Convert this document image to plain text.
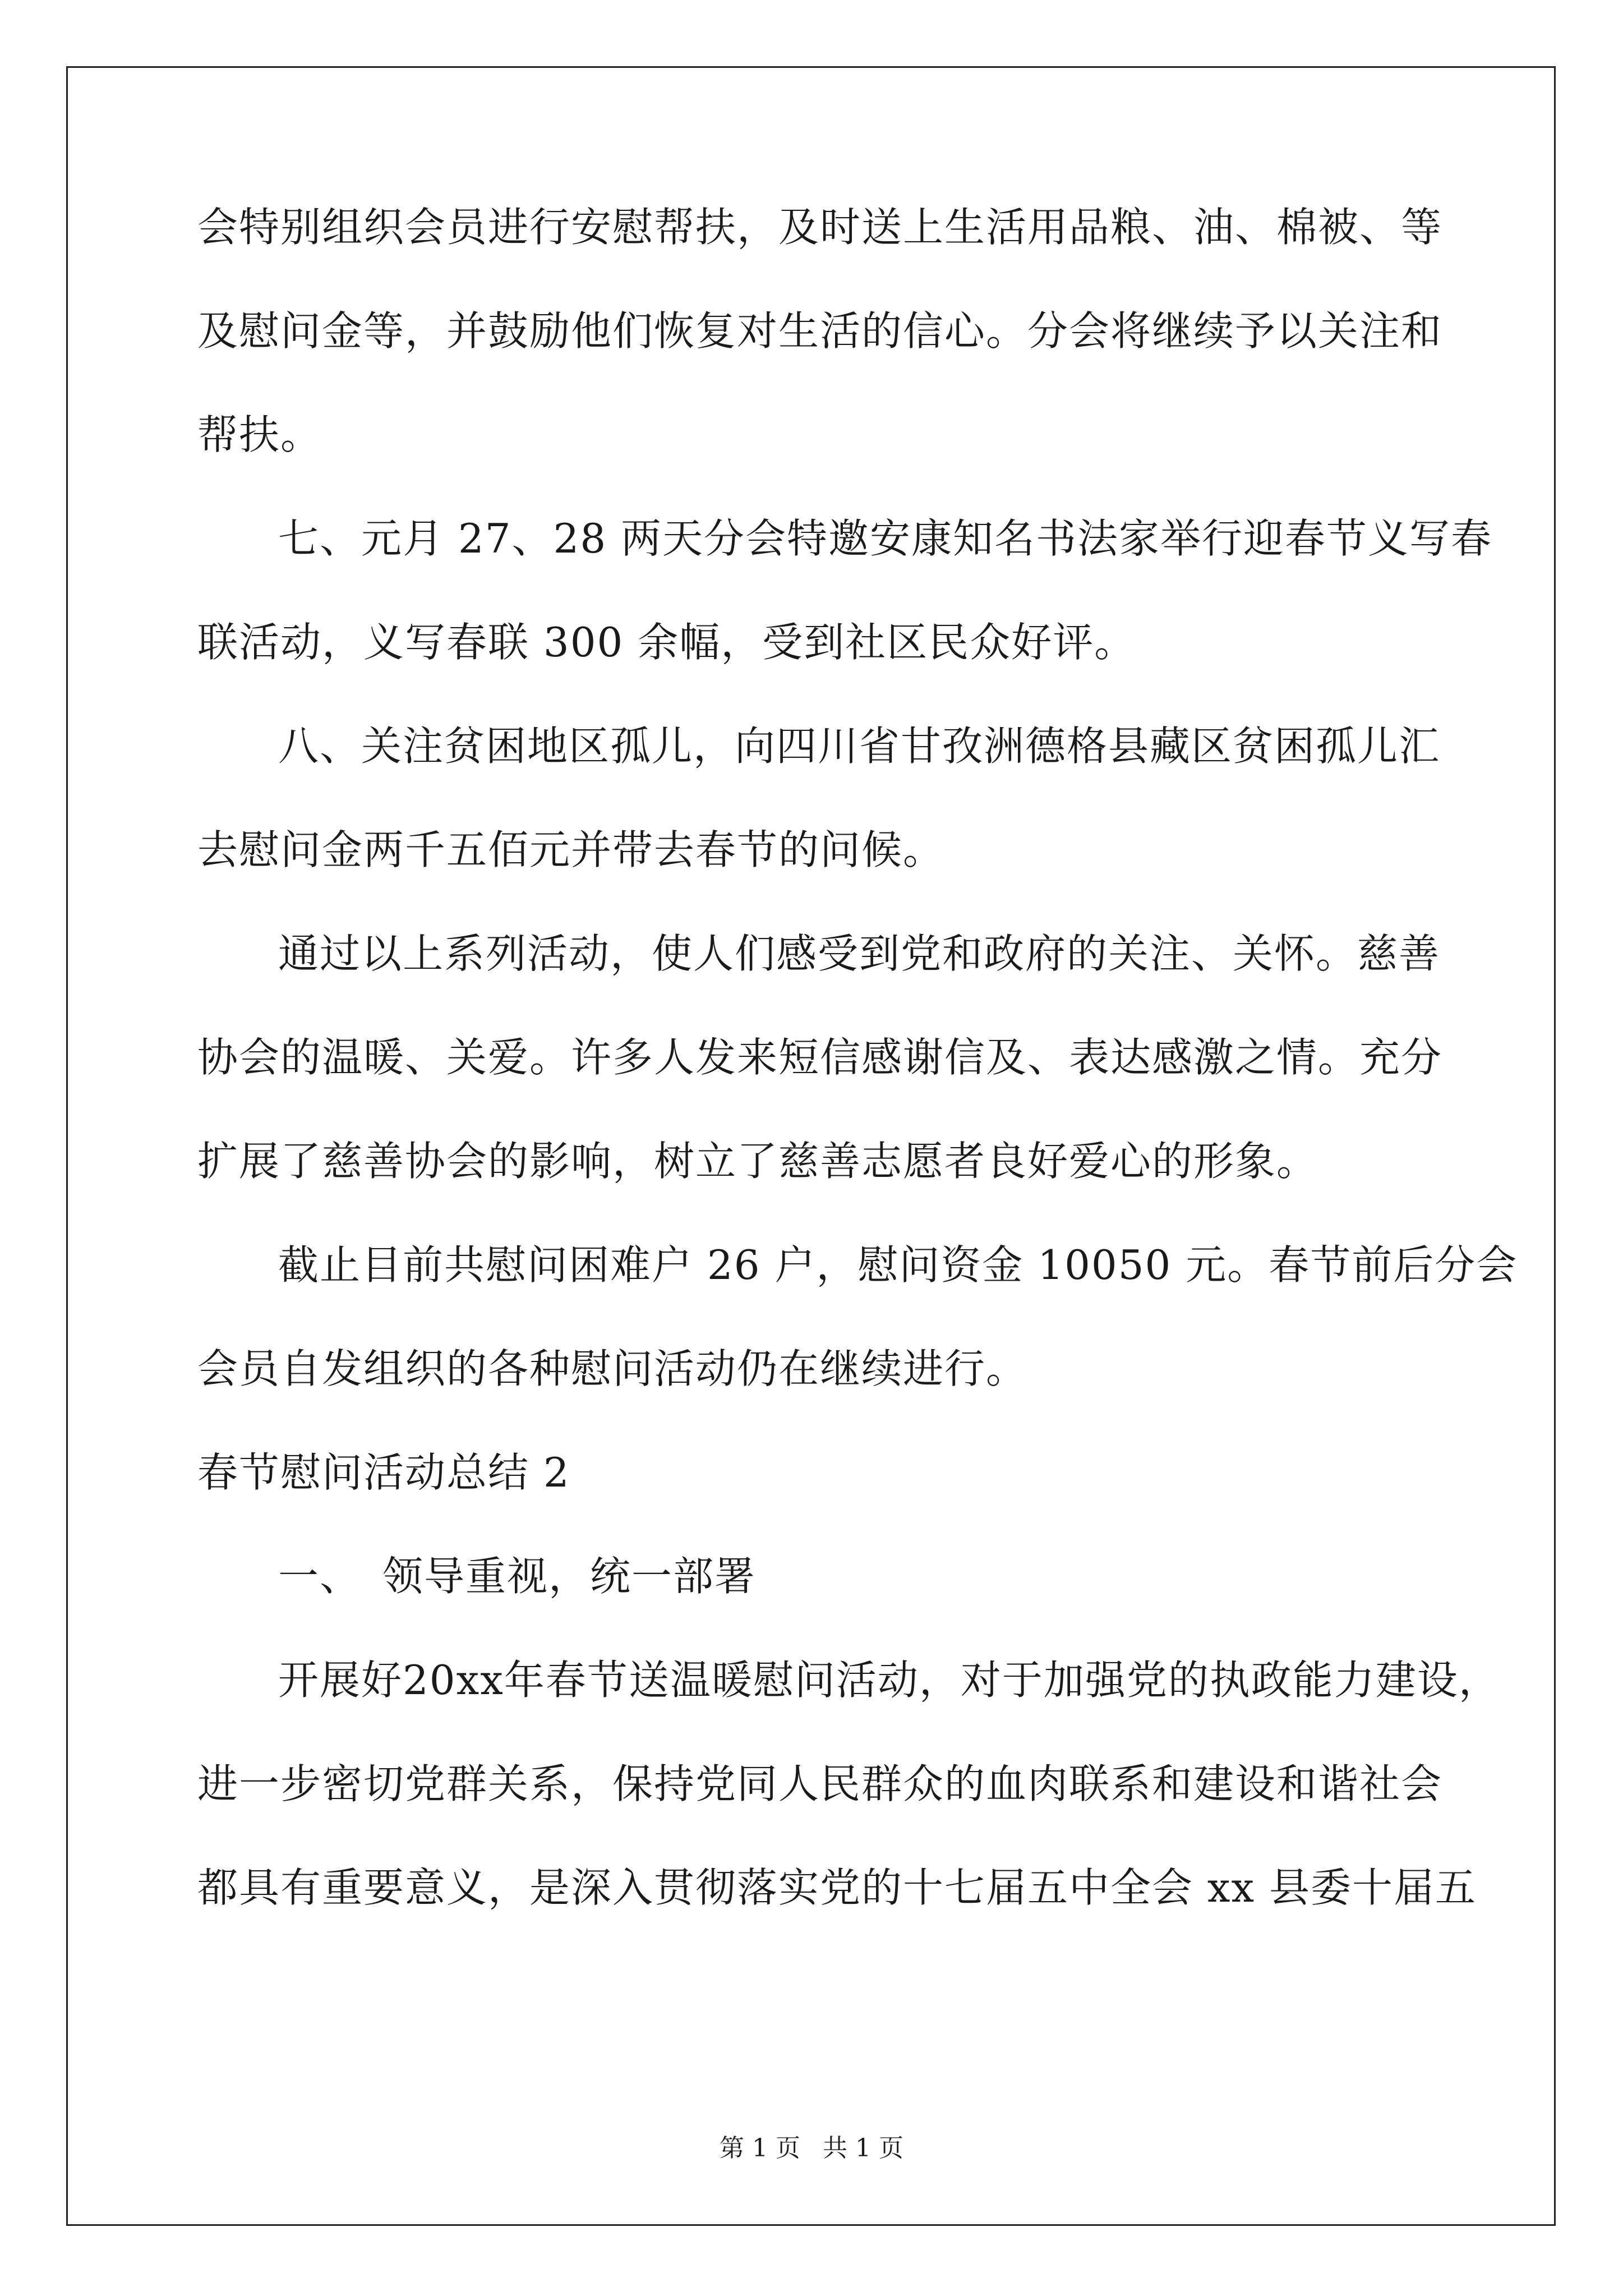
会特别组织会员进行安慰帮扶，及时送上生活用品粮、油、棉被、等
及慰问金等，并鼓励他们恢复对生活的信心。分会将继续予以关注和
帮扶。
七、元月 27、28 两天分会特邀安康知名书法家举行迎春节义写春
联活动，义写春联 300 余幅，受到社区民众好评。
八、关注贫困地区孤儿，向四川省甘孜洲德格县藏区贫困孤儿汇
去慰问金两千五佰元并带去春节的问候。
通过以上系列活动，使人们感受到党和政府的关注、关怀。慈善
协会的温暖、关爱。许多人发来短信感谢信及、表达感激之情。充分
扩展了慈善协会的影响，树立了慈善志愿者良好爱心的形象。
截止目前共慰问困难户 26 户，慰问资金 10050 元。春节前后分会
会员自发组织的各种慰问活动仍在继续进行。
春节慰问活动总结 2
一、　领导重视，统一部署
开展好20xx年春节送温暖慰问活动，对于加强党的执政能力建设，
进一步密切党群关系，保持党同人民群众的血肉联系和建设和谐社会
都具有重要意义，是深入贯彻落实党的十七届五中全会 xx 县委十届五
第 1 页 共 1 页
